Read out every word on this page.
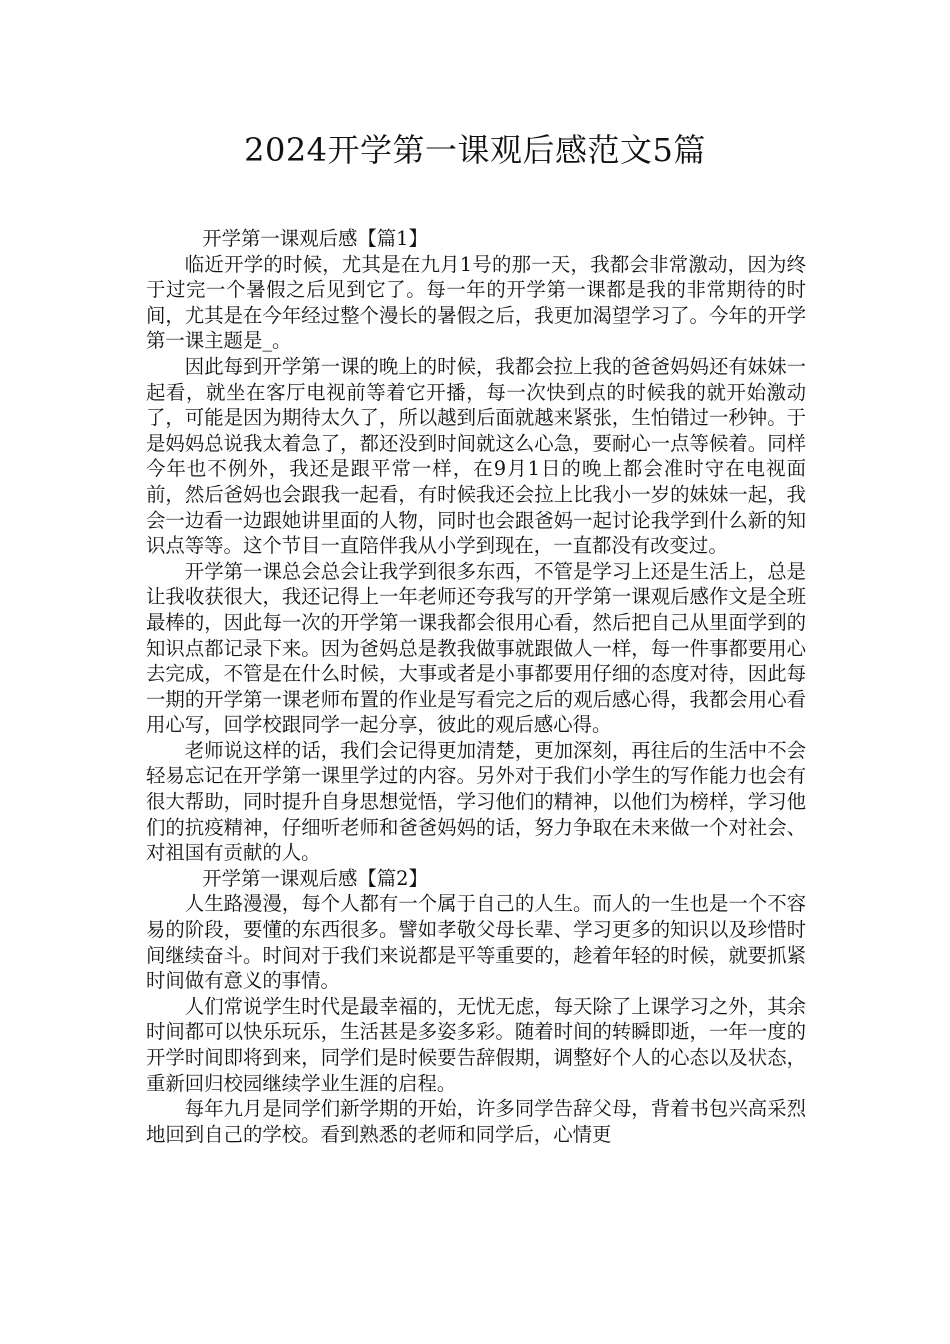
2024开学第一课观后感范文5篇

开学第一课观后感【篇1】

临近开学的时候，尤其是在九月1号的那一天，我都会非常激动，因为终于过完一个暑假之后见到它了。每一年的开学第一课都是我的非常期待的时间，尤其是在今年经过整个漫长的暑假之后，我更加渴望学习了。今年的开学第一课主题是_。

因此每到开学第一课的晚上的时候，我都会拉上我的爸爸妈妈还有妹妹一起看，就坐在客厅电视前等着它开播，每一次快到点的时候我的就开始激动了，可能是因为期待太久了，所以越到后面就越来紧张，生怕错过一秒钟。于是妈妈总说我太着急了，都还没到时间就这么心急，要耐心一点等候着。同样今年也不例外，我还是跟平常一样，在9月1日的晚上都会准时守在电视面前，然后爸妈也会跟我一起看，有时候我还会拉上比我小一岁的妹妹一起，我会一边看一边跟她讲里面的人物，同时也会跟爸妈一起讨论我学到什么新的知识点等等。这个节目一直陪伴我从小学到现在，一直都没有改变过。

开学第一课总会总会让我学到很多东西，不管是学习上还是生活上，总是让我收获很大，我还记得上一年老师还夸我写的开学第一课观后感作文是全班最棒的，因此每一次的开学第一课我都会很用心看，然后把自己从里面学到的知识点都记录下来。因为爸妈总是教我做事就跟做人一样，每一件事都要用心去完成，不管是在什么时候，大事或者是小事都要用仔细的态度对待，因此每一期的开学第一课老师布置的作业是写看完之后的观后感心得，我都会用心看用心写，回学校跟同学一起分享，彼此的观后感心得。

老师说这样的话，我们会记得更加清楚，更加深刻，再往后的生活中不会轻易忘记在开学第一课里学过的内容。另外对于我们小学生的写作能力也会有很大帮助，同时提升自身思想觉悟，学习他们的精神，以他们为榜样，学习他们的抗疫精神，仔细听老师和爸爸妈妈的话，努力争取在未来做一个对社会、对祖国有贡献的人。

开学第一课观后感【篇2】

人生路漫漫，每个人都有一个属于自己的人生。而人的一生也是一个不容易的阶段，要懂的东西很多。譬如孝敬父母长辈、学习更多的知识以及珍惜时间继续奋斗。时间对于我们来说都是平等重要的，趁着年轻的时候，就要抓紧时间做有意义的事情。

人们常说学生时代是最幸福的，无忧无虑，每天除了上课学习之外，其余时间都可以快乐玩乐，生活甚是多姿多彩。随着时间的转瞬即逝，一年一度的开学时间即将到来，同学们是时候要告辞假期，调整好个人的心态以及状态，重新回归校园继续学业生涯的启程。

每年九月是同学们新学期的开始，许多同学告辞父母，背着书包兴高采烈地回到自己的学校。看到熟悉的老师和同学后，心情更
